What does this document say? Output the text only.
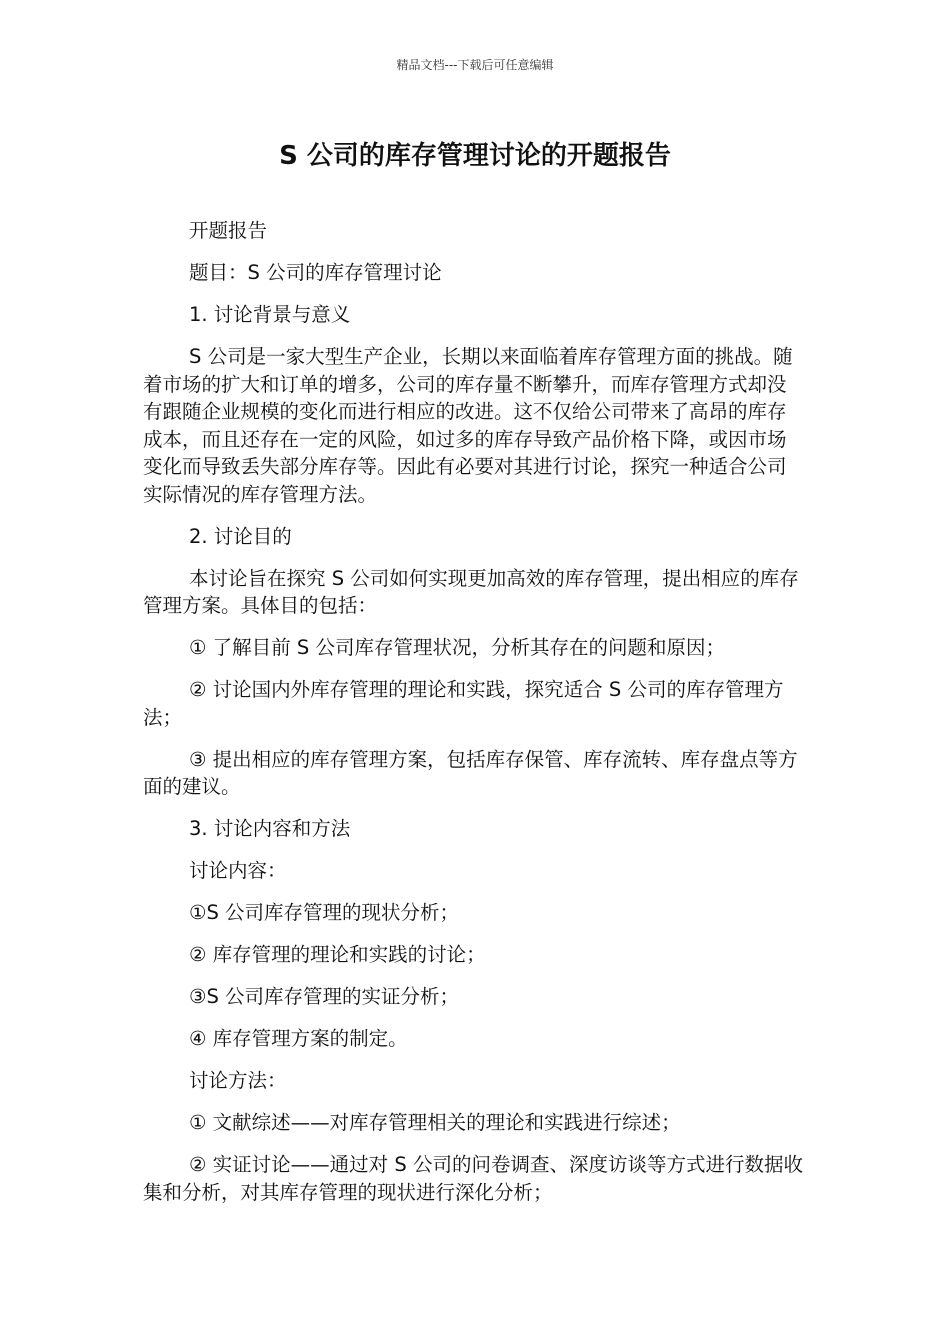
精品文档---下载后可任意编辑
S 公司的库存管理讨论的开题报告

开题报告

题目：S 公司的库存管理讨论

1. 讨论背景与意义

S 公司是一家大型生产企业，长期以来面临着库存管理方面的挑战。随着市场的扩大和订单的增多，公司的库存量不断攀升，而库存管理方式却没有跟随企业规模的变化而进行相应的改进。这不仅给公司带来了高昂的库存成本，而且还存在一定的风险，如过多的库存导致产品价格下降，或因市场变化而导致丢失部分库存等。因此有必要对其进行讨论，探究一种适合公司实际情况的库存管理方法。

2. 讨论目的

本讨论旨在探究 S 公司如何实现更加高效的库存管理，提出相应的库存管理方案。具体目的包括：

① 了解目前 S 公司库存管理状况，分析其存在的问题和原因；

② 讨论国内外库存管理的理论和实践，探究适合 S 公司的库存管理方法；

③ 提出相应的库存管理方案，包括库存保管、库存流转、库存盘点等方面的建议。

3. 讨论内容和方法

讨论内容：

①S 公司库存管理的现状分析；

② 库存管理的理论和实践的讨论；

③S 公司库存管理的实证分析；

④ 库存管理方案的制定。

讨论方法：

① 文献综述——对库存管理相关的理论和实践进行综述；

② 实证讨论——通过对 S 公司的问卷调查、深度访谈等方式进行数据收集和分析，对其库存管理的现状进行深化分析；
